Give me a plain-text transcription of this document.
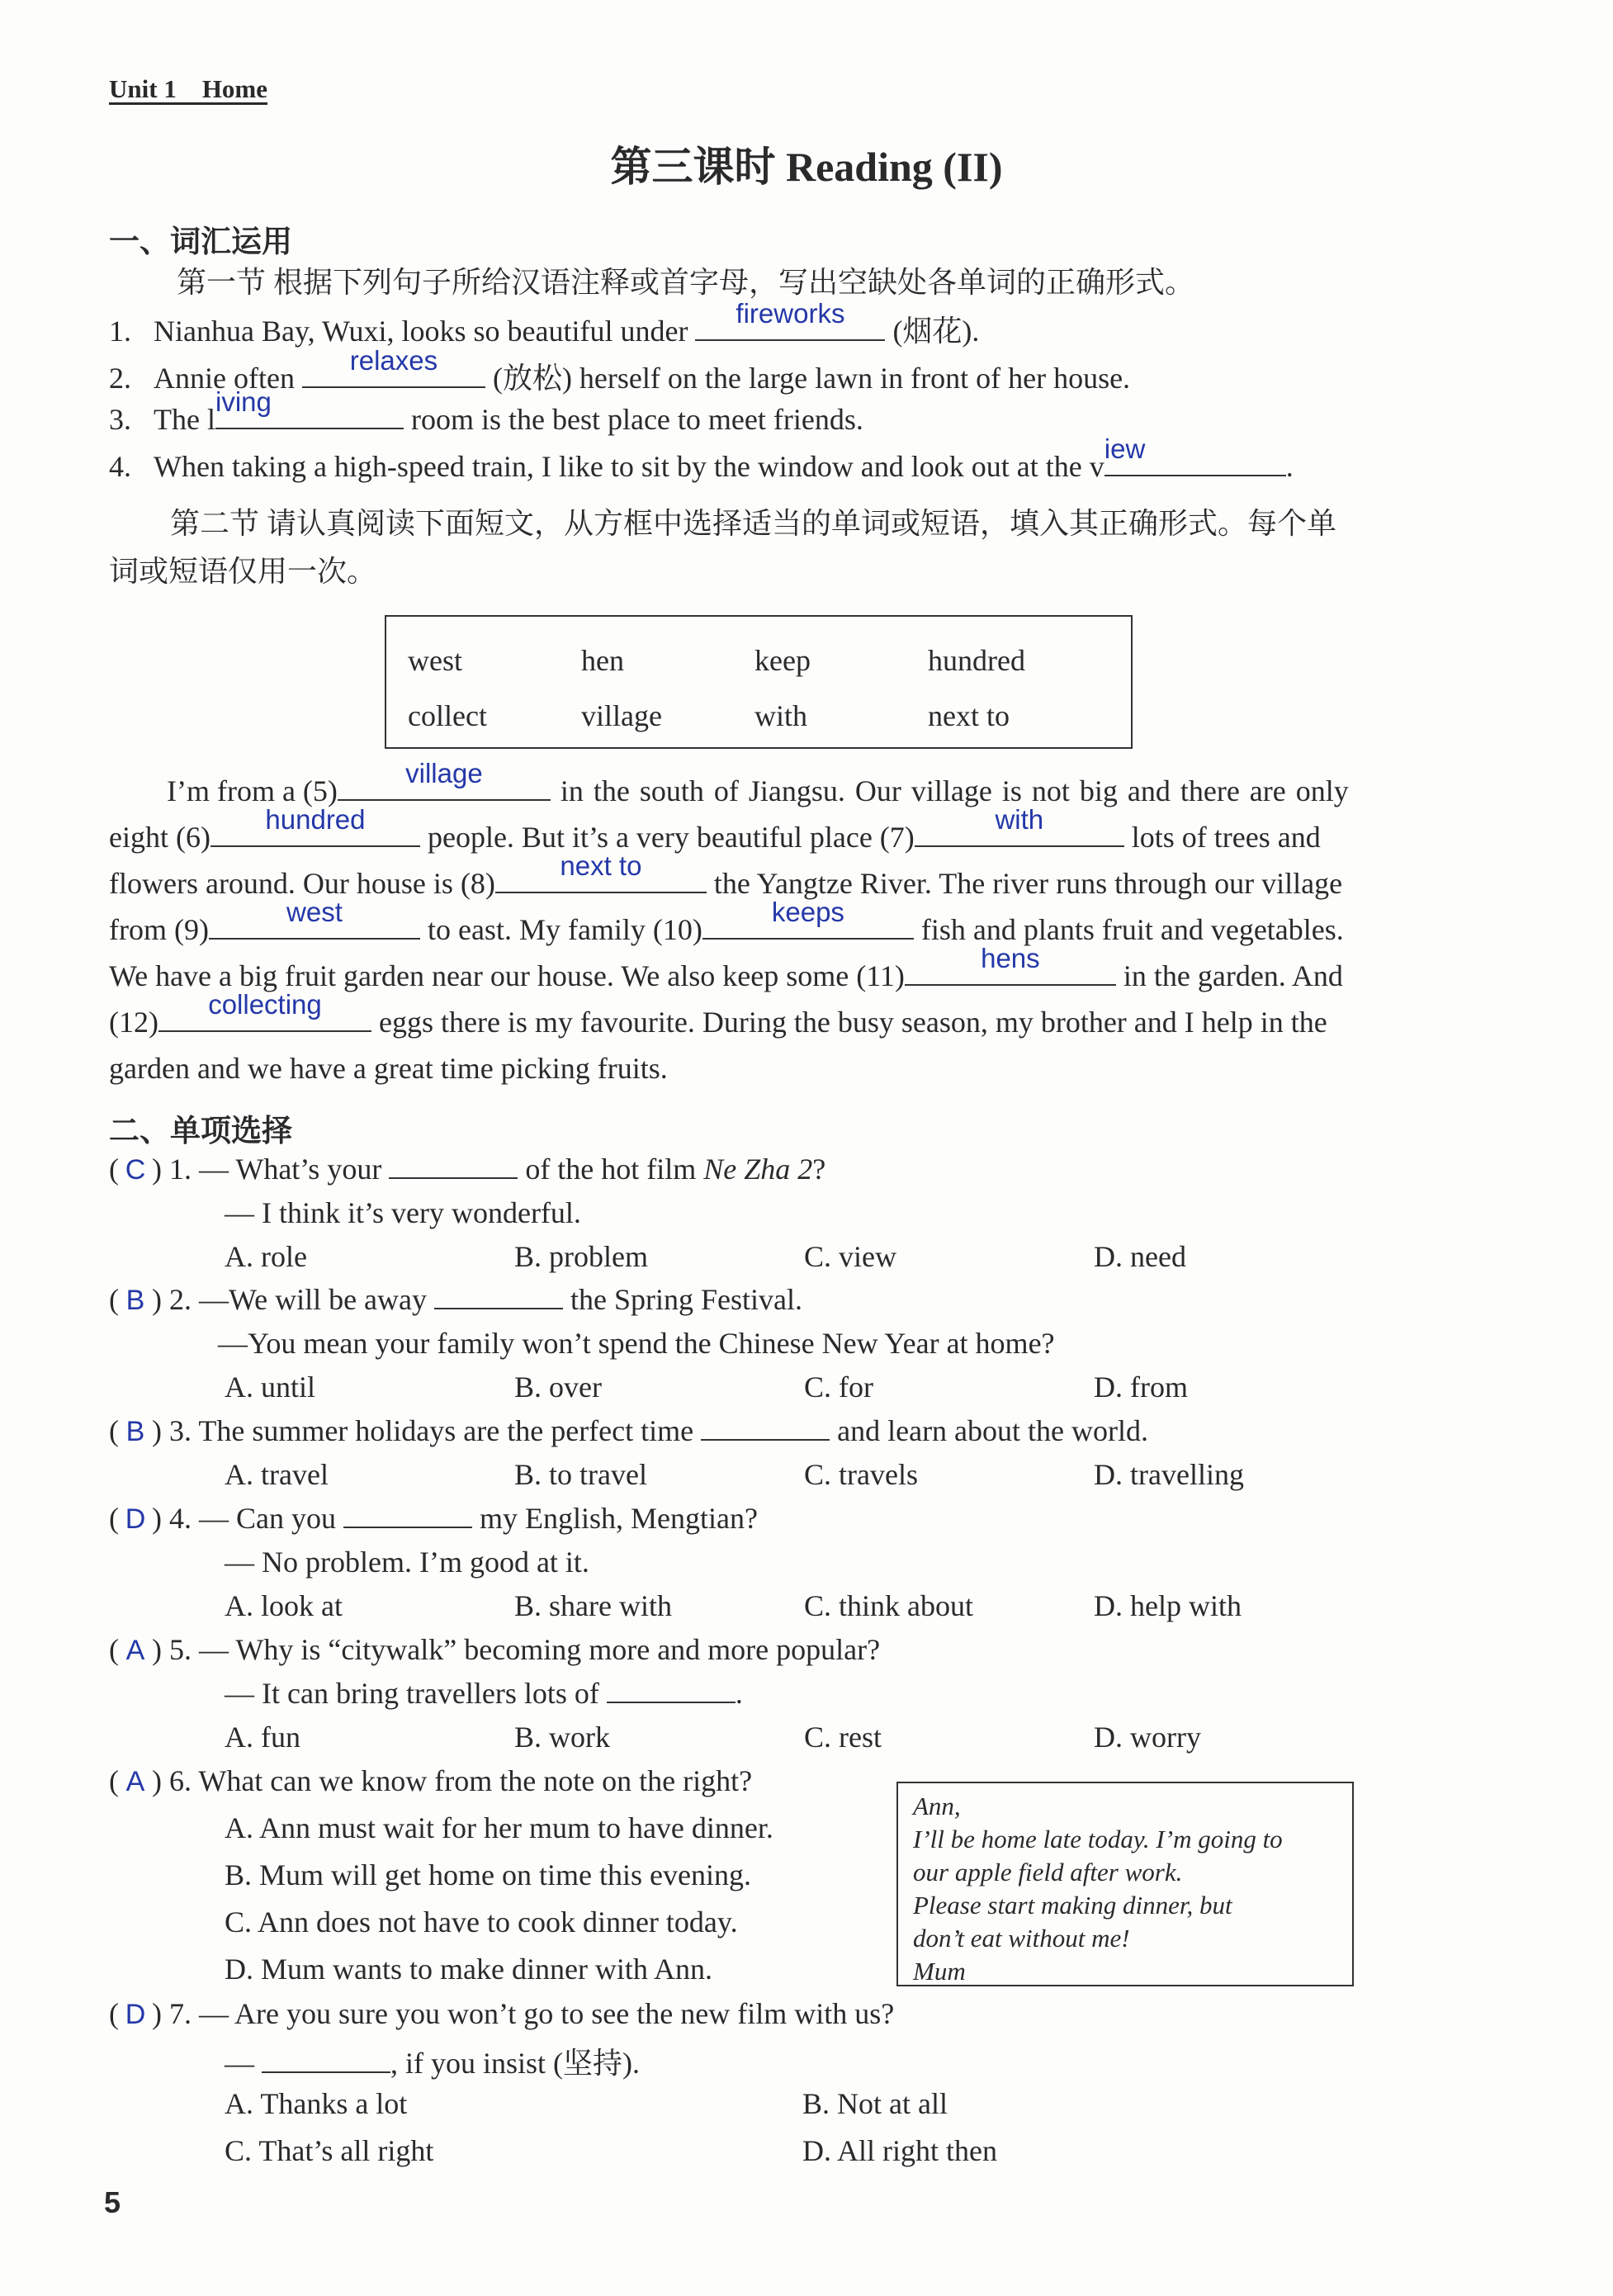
Unit 1    Home
第三课时 Reading (II)
一、词汇运用
第一节 根据下列句子所给汉语注释或首字母，写出空缺处各单词的正确形式。
1. Nianhua Bay, Wuxi, looks so beautiful under
fireworks
(烟花).
2. Annie often
relaxes
(放松) herself on the large lawn in front of her house.
3. The l
iving
room is the best place to meet friends.
4. When taking a high-speed train, I like to sit by the window and look out at the v
iew
.
第二节 请认真阅读下面短文，从方框中选择适当的单词或短语，填入其正确形式。每个单
词或短语仅用一次。
west	hen	keep	hundred
collect	village	with	next to
I’m from a (5)
village
in the south of Jiangsu. Our village is not big and there are only
eight (6)
hundred
people. But it’s a very beautiful place (7)
with
lots of trees and
flowers around. Our house is (8)
next to
the Yangtze River. The river runs through our village
from (9)
west
to east. My family (10)
keeps
fish and plants fruit and vegetables.
We have a big fruit garden near our house. We also keep some (11)
hens
in the garden. And
(12)
collecting
eggs there is my favourite. During the busy season, my brother and I help in the
garden and we have a great time picking fruits.
二、单项选择
( C ) 1. — What’s your	of the hot film Ne Zha 2?
— I think it’s very wonderful.
A. role	B. problem	C. view	D. need
( B ) 2. —We will be away	the Spring Festival.
—You mean your family won’t spend the Chinese New Year at home?
A. until	B. over	C. for	D. from
( B ) 3. The summer holidays are the perfect time	and learn about the world.
A. travel	B. to travel	C. travels	D. travelling
( D ) 4. — Can you	my English, Mengtian?
— No problem. I’m good at it.
A. look at	B. share with	C. think about	D. help with
( A ) 5. — Why is “citywalk” becoming more and more popular?
— It can bring travellers lots of	.
A. fun	B. work	C. rest	D. worry
( A ) 6. What can we know from the note on the right?
A. Ann must wait for her mum to have dinner.
B. Mum will get home on time this evening.
C. Ann does not have to cook dinner today.
D. Mum wants to make dinner with Ann.
Ann,
I’ll be home late today. I’m going to
our apple field after work.
Please start making dinner, but
don’t eat without me!
Mum
( D ) 7. — Are you sure you won’t go to see the new film with us?
—	, if you insist (坚持).
A. Thanks a lot	B. Not at all
C. That’s all right	D. All right then
5
